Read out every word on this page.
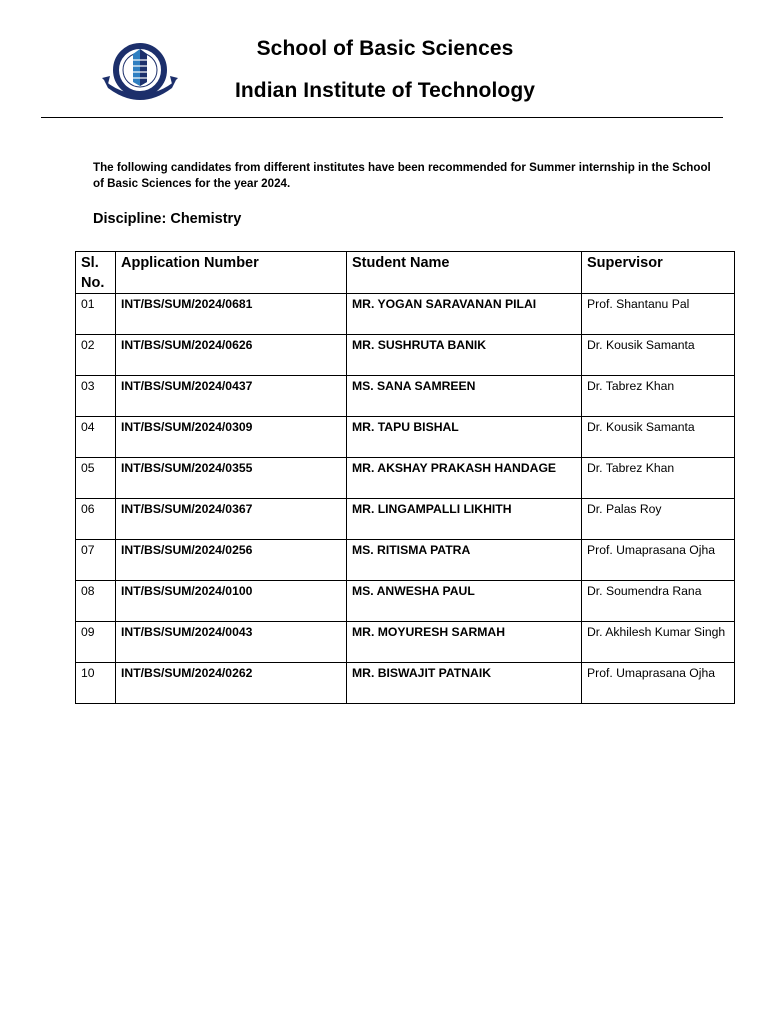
School of Basic Sciences
Indian Institute of Technology
The following candidates from different institutes have been recommended for Summer internship in the School of Basic Sciences for the year 2024.
Discipline: Chemistry
Sl. No.	Application Number	Student Name	Supervisor
01	INT/BS/SUM/2024/0681	MR. YOGAN SARAVANAN PILAI	Prof. Shantanu Pal
02	INT/BS/SUM/2024/0626	MR. SUSHRUTA BANIK	Dr. Kousik Samanta
03	INT/BS/SUM/2024/0437	MS. SANA SAMREEN	Dr. Tabrez Khan
04	INT/BS/SUM/2024/0309	MR. TAPU BISHAL	Dr. Kousik Samanta
05	INT/BS/SUM/2024/0355	MR. AKSHAY PRAKASH HANDAGE	Dr. Tabrez Khan
06	INT/BS/SUM/2024/0367	MR. LINGAMPALLI LIKHITH	Dr. Palas Roy
07	INT/BS/SUM/2024/0256	MS. RITISMA PATRA	Prof. Umaprasana Ojha
08	INT/BS/SUM/2024/0100	MS. ANWESHA PAUL	Dr. Soumendra Rana
09	INT/BS/SUM/2024/0043	MR. MOYURESH SARMAH	Dr. Akhilesh Kumar Singh
10	INT/BS/SUM/2024/0262	MR. BISWAJIT PATNAIK	Prof. Umaprasana Ojha
